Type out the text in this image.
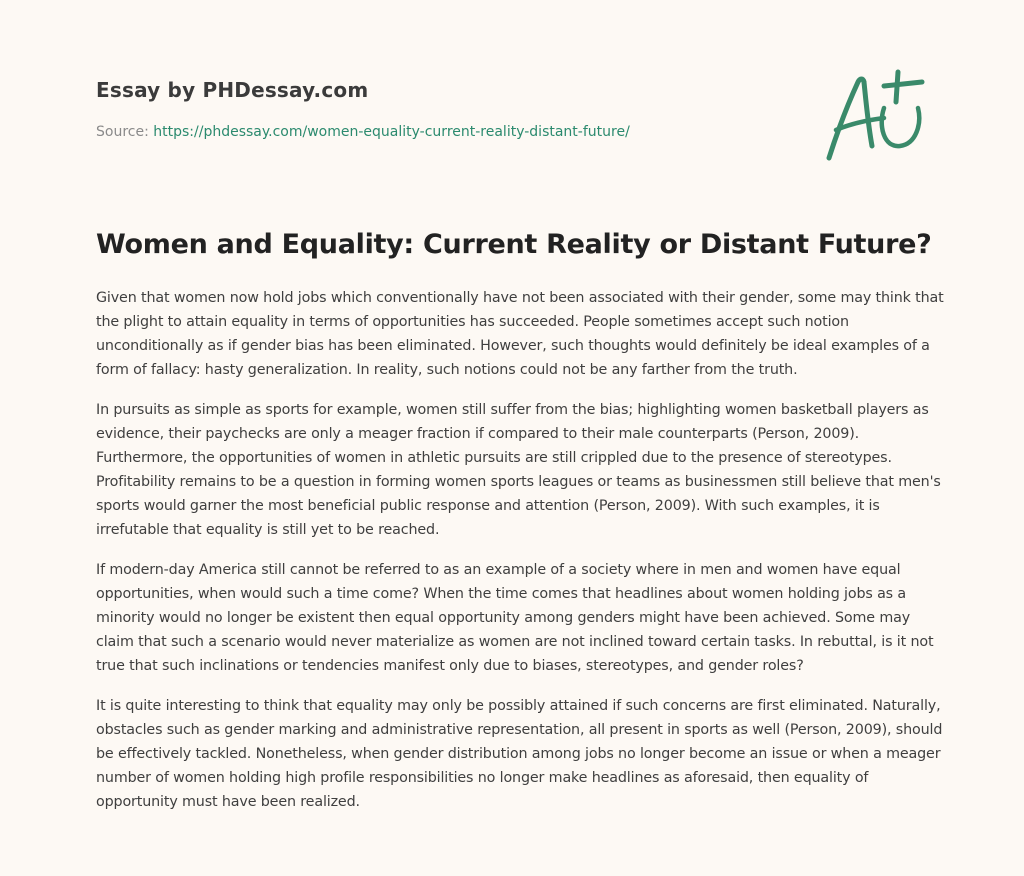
Essay by PHDessay.com
Source: https://phdessay.com/women-equality-current-reality-distant-future/
Women and Equality: Current Reality or Distant Future?

Given that women now hold jobs which conventionally have not been associated with their gender, some may think that the plight to attain equality in terms of opportunities has succeeded. People sometimes accept such notion unconditionally as if gender bias has been eliminated. However, such thoughts would definitely be ideal examples of a form of fallacy: hasty generalization. In reality, such notions could not be any farther from the truth.

In pursuits as simple as sports for example, women still suffer from the bias; highlighting women basketball players as evidence, their paychecks are only a meager fraction if compared to their male counterparts (Person, 2009). Furthermore, the opportunities of women in athletic pursuits are still crippled due to the presence of stereotypes. Profitability remains to be a question in forming women sports leagues or teams as businessmen still believe that men's sports would garner the most beneficial public response and attention (Person, 2009). With such examples, it is irrefutable that equality is still yet to be reached.

If modern-day America still cannot be referred to as an example of a society where in men and women have equal opportunities, when would such a time come? When the time comes that headlines about women holding jobs as a minority would no longer be existent then equal opportunity among genders might have been achieved. Some may claim that such a scenario would never materialize as women are not inclined toward certain tasks. In rebuttal, is it not true that such inclinations or tendencies manifest only due to biases, stereotypes, and gender roles?

It is quite interesting to think that equality may only be possibly attained if such concerns are first eliminated. Naturally, obstacles such as gender marking and administrative representation, all present in sports as well (Person, 2009), should be effectively tackled. Nonetheless, when gender distribution among jobs no longer become an issue or when a meager number of women holding high profile responsibilities no longer make headlines as aforesaid, then equality of opportunity must have been realized.
